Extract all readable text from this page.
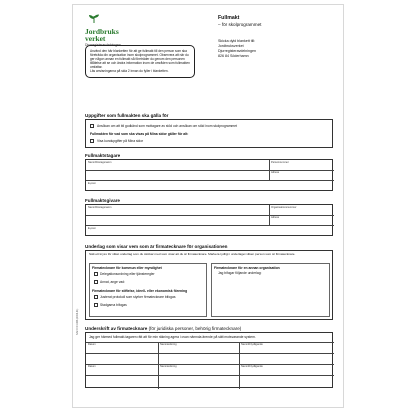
Jordbruks
verket
Djurregisteravdelningen
Fullmakt
– för skolprogrammet
Skicka dyld blankett till:
Jordbruksverket
Djurregisteravdelningen
826 84 Söderhamn

Använd den här blanketten för att ge fullmakt till den person som ska företräda din organisation inom skolprogrammet. Observera att när du ger någon annan en fullmakt så företräder du genom den personen tillåtelse att se och ändra information inom de områden som fullmakten omfattar.

Läs anvisningarna på sida 2 innan du fyller i blanketten.

Uppgifter som fullmakten ska gälla för
Ansökan om att bli godkänd som mottagare av stöd och ansökan om stöd inom skolprogrammet
Fullmakten för vad som ska visas på Mina sidor gäller för alt:
Visa kundupgifter på Mina sidor
Fullmaktstagare
Namn/företagsnamn	Personnummer
Adress
E-post
Fullmaktsgivare
Namn/företagsnamn	Organisationsnummer
Adress
E-post
Underlag som visar vem som är firmatecknare för organisationen
Sätt ett kryss för vilket underlag som du skickar med som visar att du är firmatecknare. Markera tydligt i underlaget vilken person som är firmatecknare.
Firmatecknare för kommun eller myndighet
Delegationsordning eller tjänsteregler
Annat, ange vad:
Firmatecknare för stiftelse, ideell- eller ekonomisk förening
Justerat protokoll som styrker firmatecknare bifogas
Stadgarna bifogas
Firmatecknare för en annan organisation
Jag bifogar följande underlag:
Underskrift av firmatecknare (för juridiska personer, behörig firmatecknare)
Jag ger härmed fullmakt-tagaren rätt att för min räkning agera i ovan nämnda ärende på sätt motsvarande system.
Datum	Namnteckning	Namnförtydligande
Datum	Namnteckning	Namnförtydligande
SJV-FF0 1006 (2019-01)
